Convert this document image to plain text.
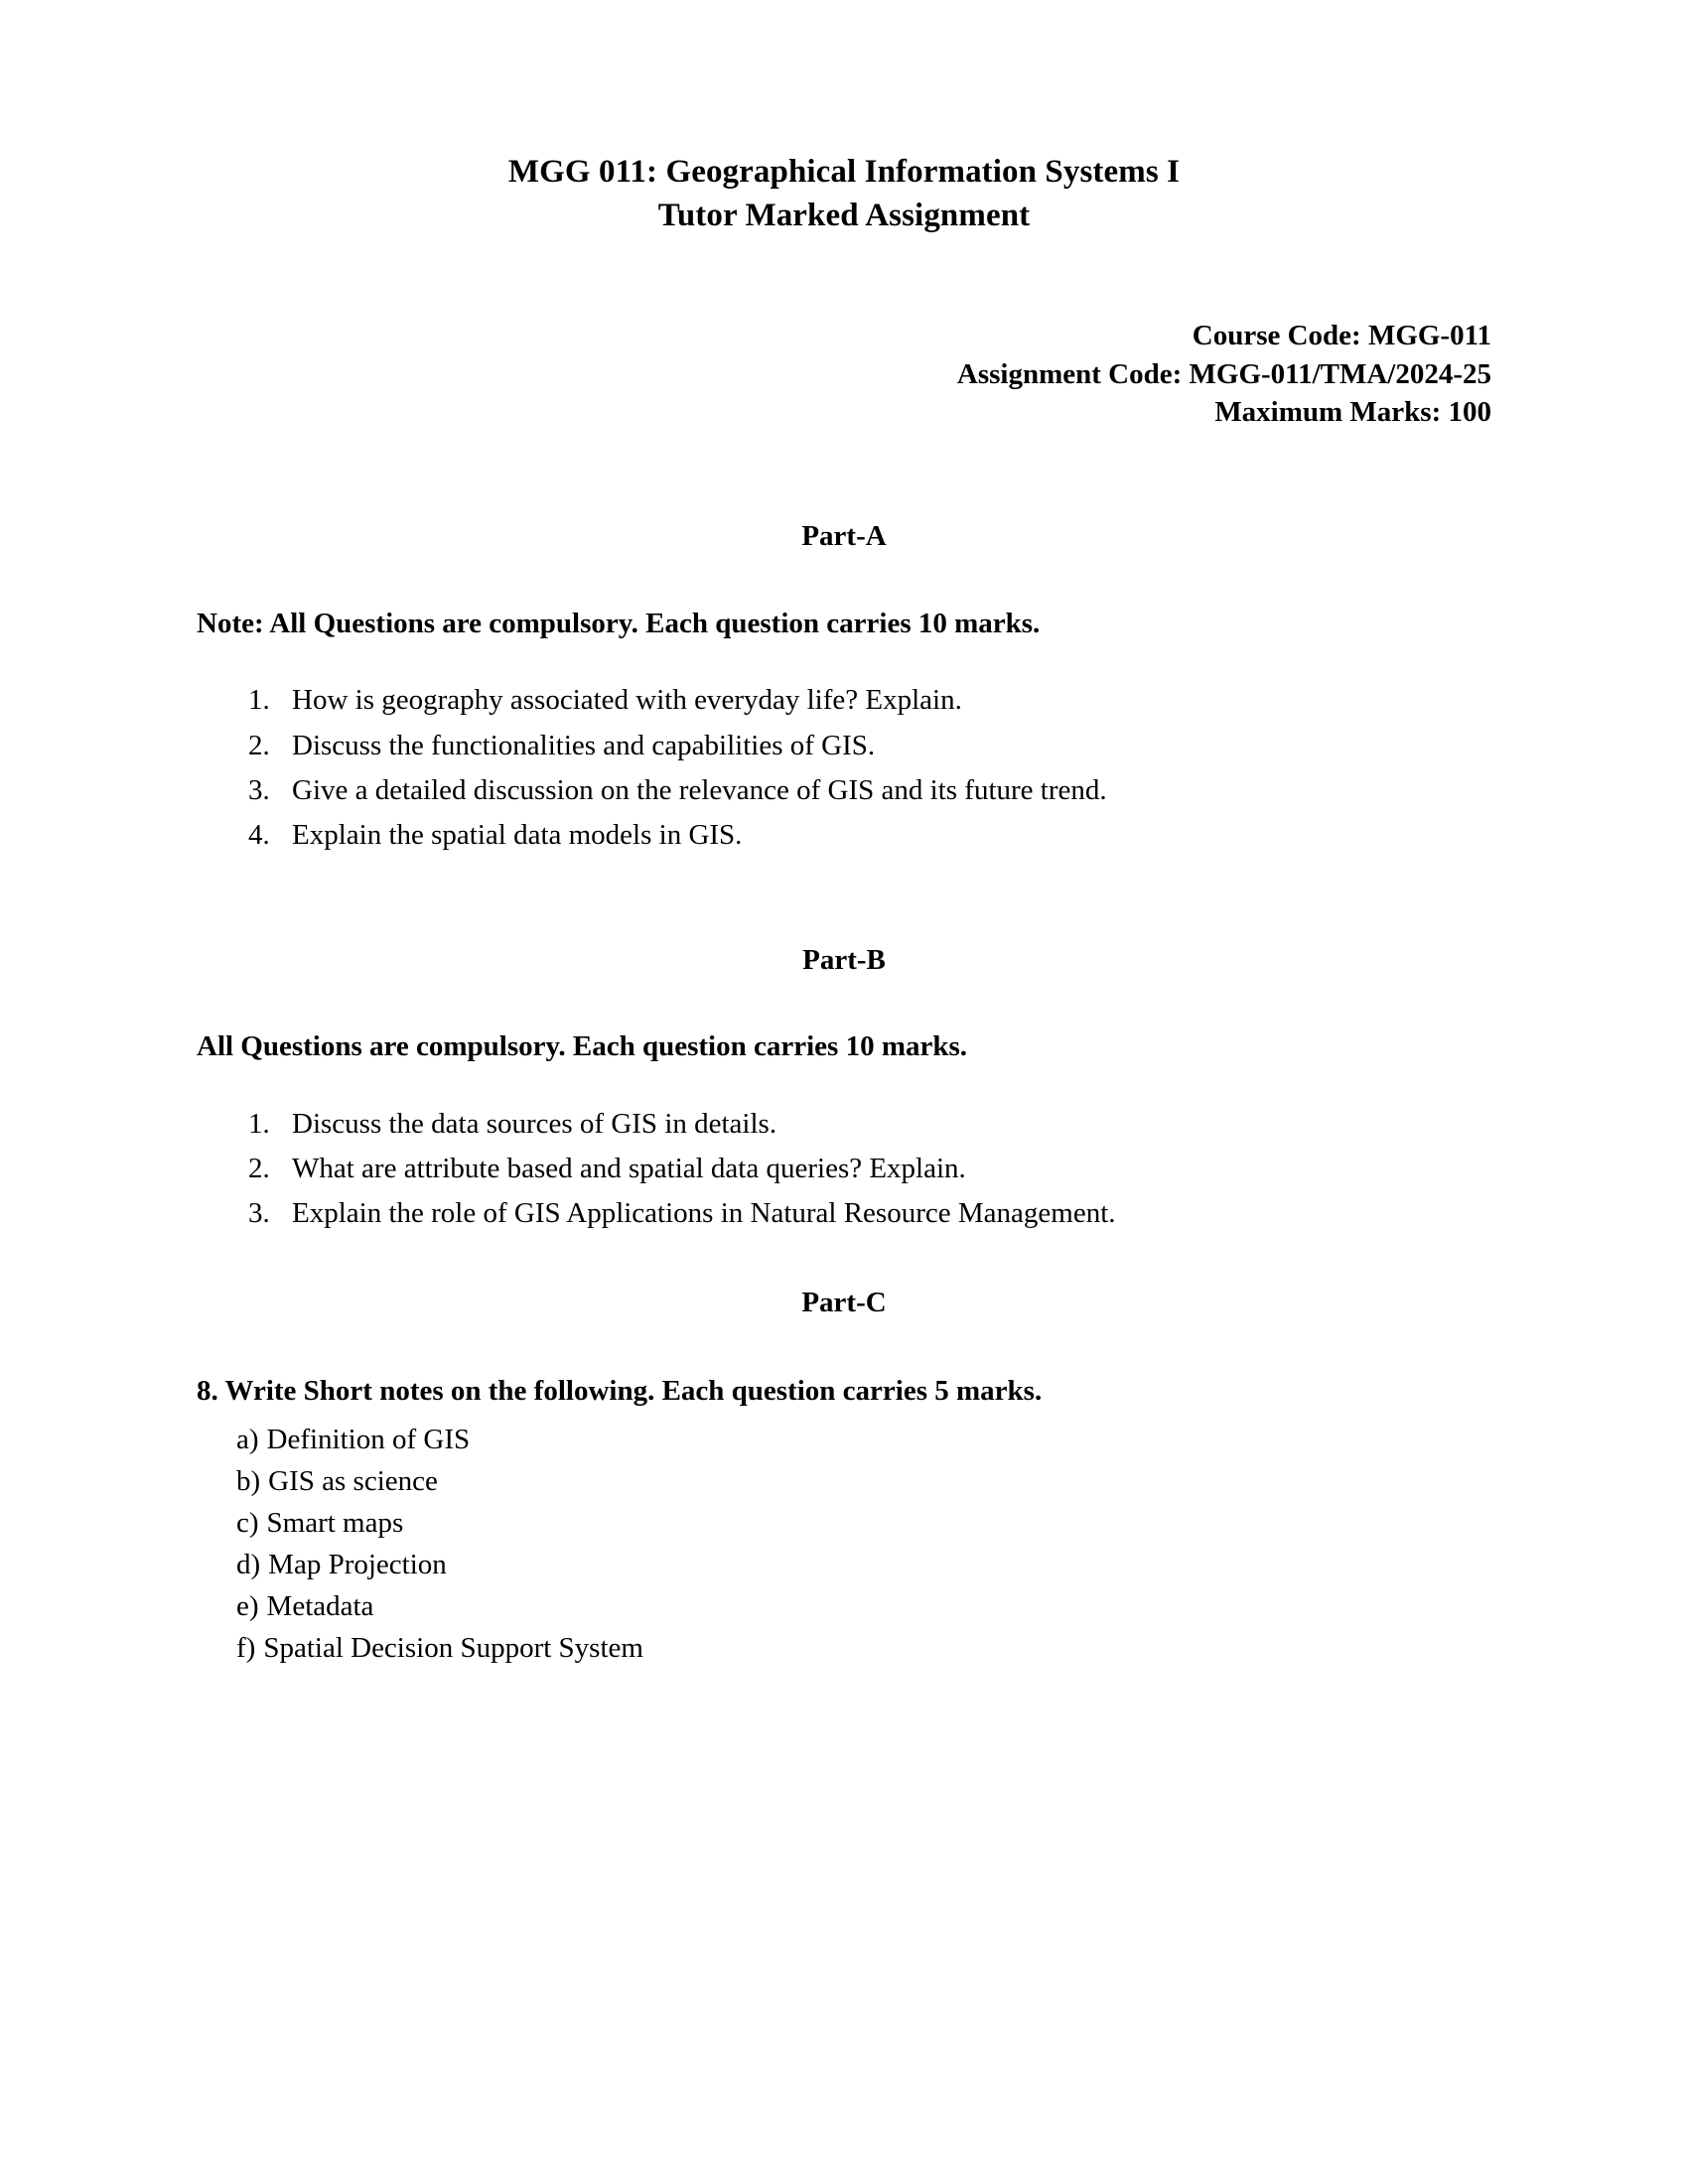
MGG 011: Geographical Information Systems I
Tutor Marked Assignment
Course Code: MGG-011
Assignment Code: MGG-011/TMA/2024-25
Maximum Marks: 100
Part-A
Note: All Questions are compulsory. Each question carries 10 marks.
1. How is geography associated with everyday life? Explain.
2. Discuss the functionalities and capabilities of GIS.
3. Give a detailed discussion on the relevance of GIS and its future trend.
4. Explain the spatial data models in GIS.
Part-B
All Questions are compulsory. Each question carries 10 marks.
1. Discuss the data sources of GIS in details.
2. What are attribute based and spatial data queries? Explain.
3. Explain the role of GIS Applications in Natural Resource Management.
Part-C
8. Write Short notes on the following. Each question carries 5 marks.
a) Definition of GIS
b) GIS as science
c) Smart maps
d) Map Projection
e) Metadata
f) Spatial Decision Support System
